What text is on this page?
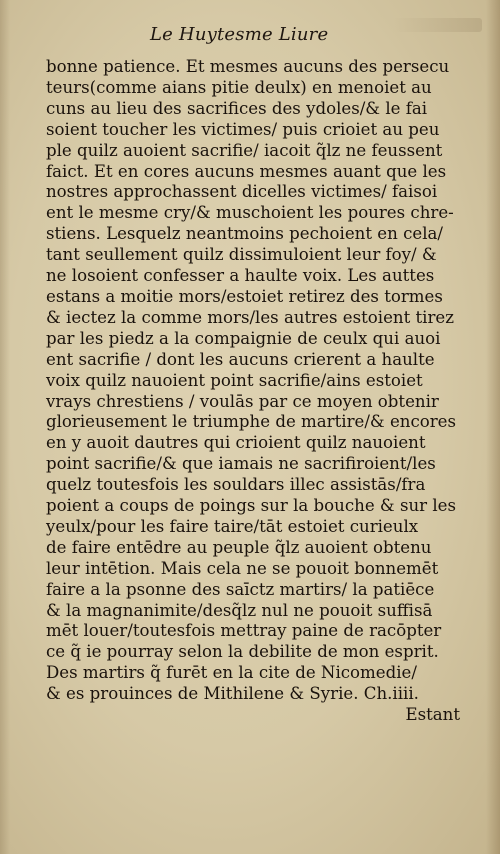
Le Huytesme Liure
bonne patience. Et mesmes aucuns des persecu
teurs(comme aians pitie deulx) en menoiet au
cuns au lieu des sacrifices des ydoles/& le fai
soient toucher les victimes/ puis crioiet au peu
ple quilz auoient sacrifie/ iacoit q̃lz ne feussent
faict. Et en cores aucuns mesmes auant que les
nostres approchassent dicelles victimes/ faisoi
ent le mesme cry/& muschoient les poures chre-
stiens. Lesquelz neantmoins pechoient en cela/
tant seullement quilz dissimuloient leur foy/ &
ne losoient confesser a haulte voix. Les auttes
estans a moitie mors/estoiet retirez des tormes
& iectez la comme mors/les autres estoient tirez
par les piedz a la compaignie de ceulx qui auoi
ent sacrifie / dont les aucuns crierent a haulte
voix quilz nauoient point sacrifie/ains estoiet
vrays chrestiens / voulās par ce moyen obtenir
glorieusement le triumphe de martire/& encores
en y auoit dautres qui crioient quilz nauoient
point sacrifie/& que iamais ne sacrifiroient/les
quelz toutesfois les souldars illec assistās/fra
poient a coups de poings sur la bouche & sur les
yeulx/pour les faire taire/tāt estoiet curieulx
de faire entēdre au peuple q̃lz auoient obtenu
leur intētion. Mais cela ne se pouoit bonnemēt
faire a la psonne des saīctz martirs/ la patiēce
& la magnanimite/desq̃lz nul ne pouoit suffisā
mēt louer/toutesfois mettray paine de racōpter
ce q̃ ie pourray selon la debilite de mon esprit.
Des martirs q̃ furēt en la cite de Nicomedie/
& es prouinces de Mithilene & Syrie. Ch.iiii.
Estant
